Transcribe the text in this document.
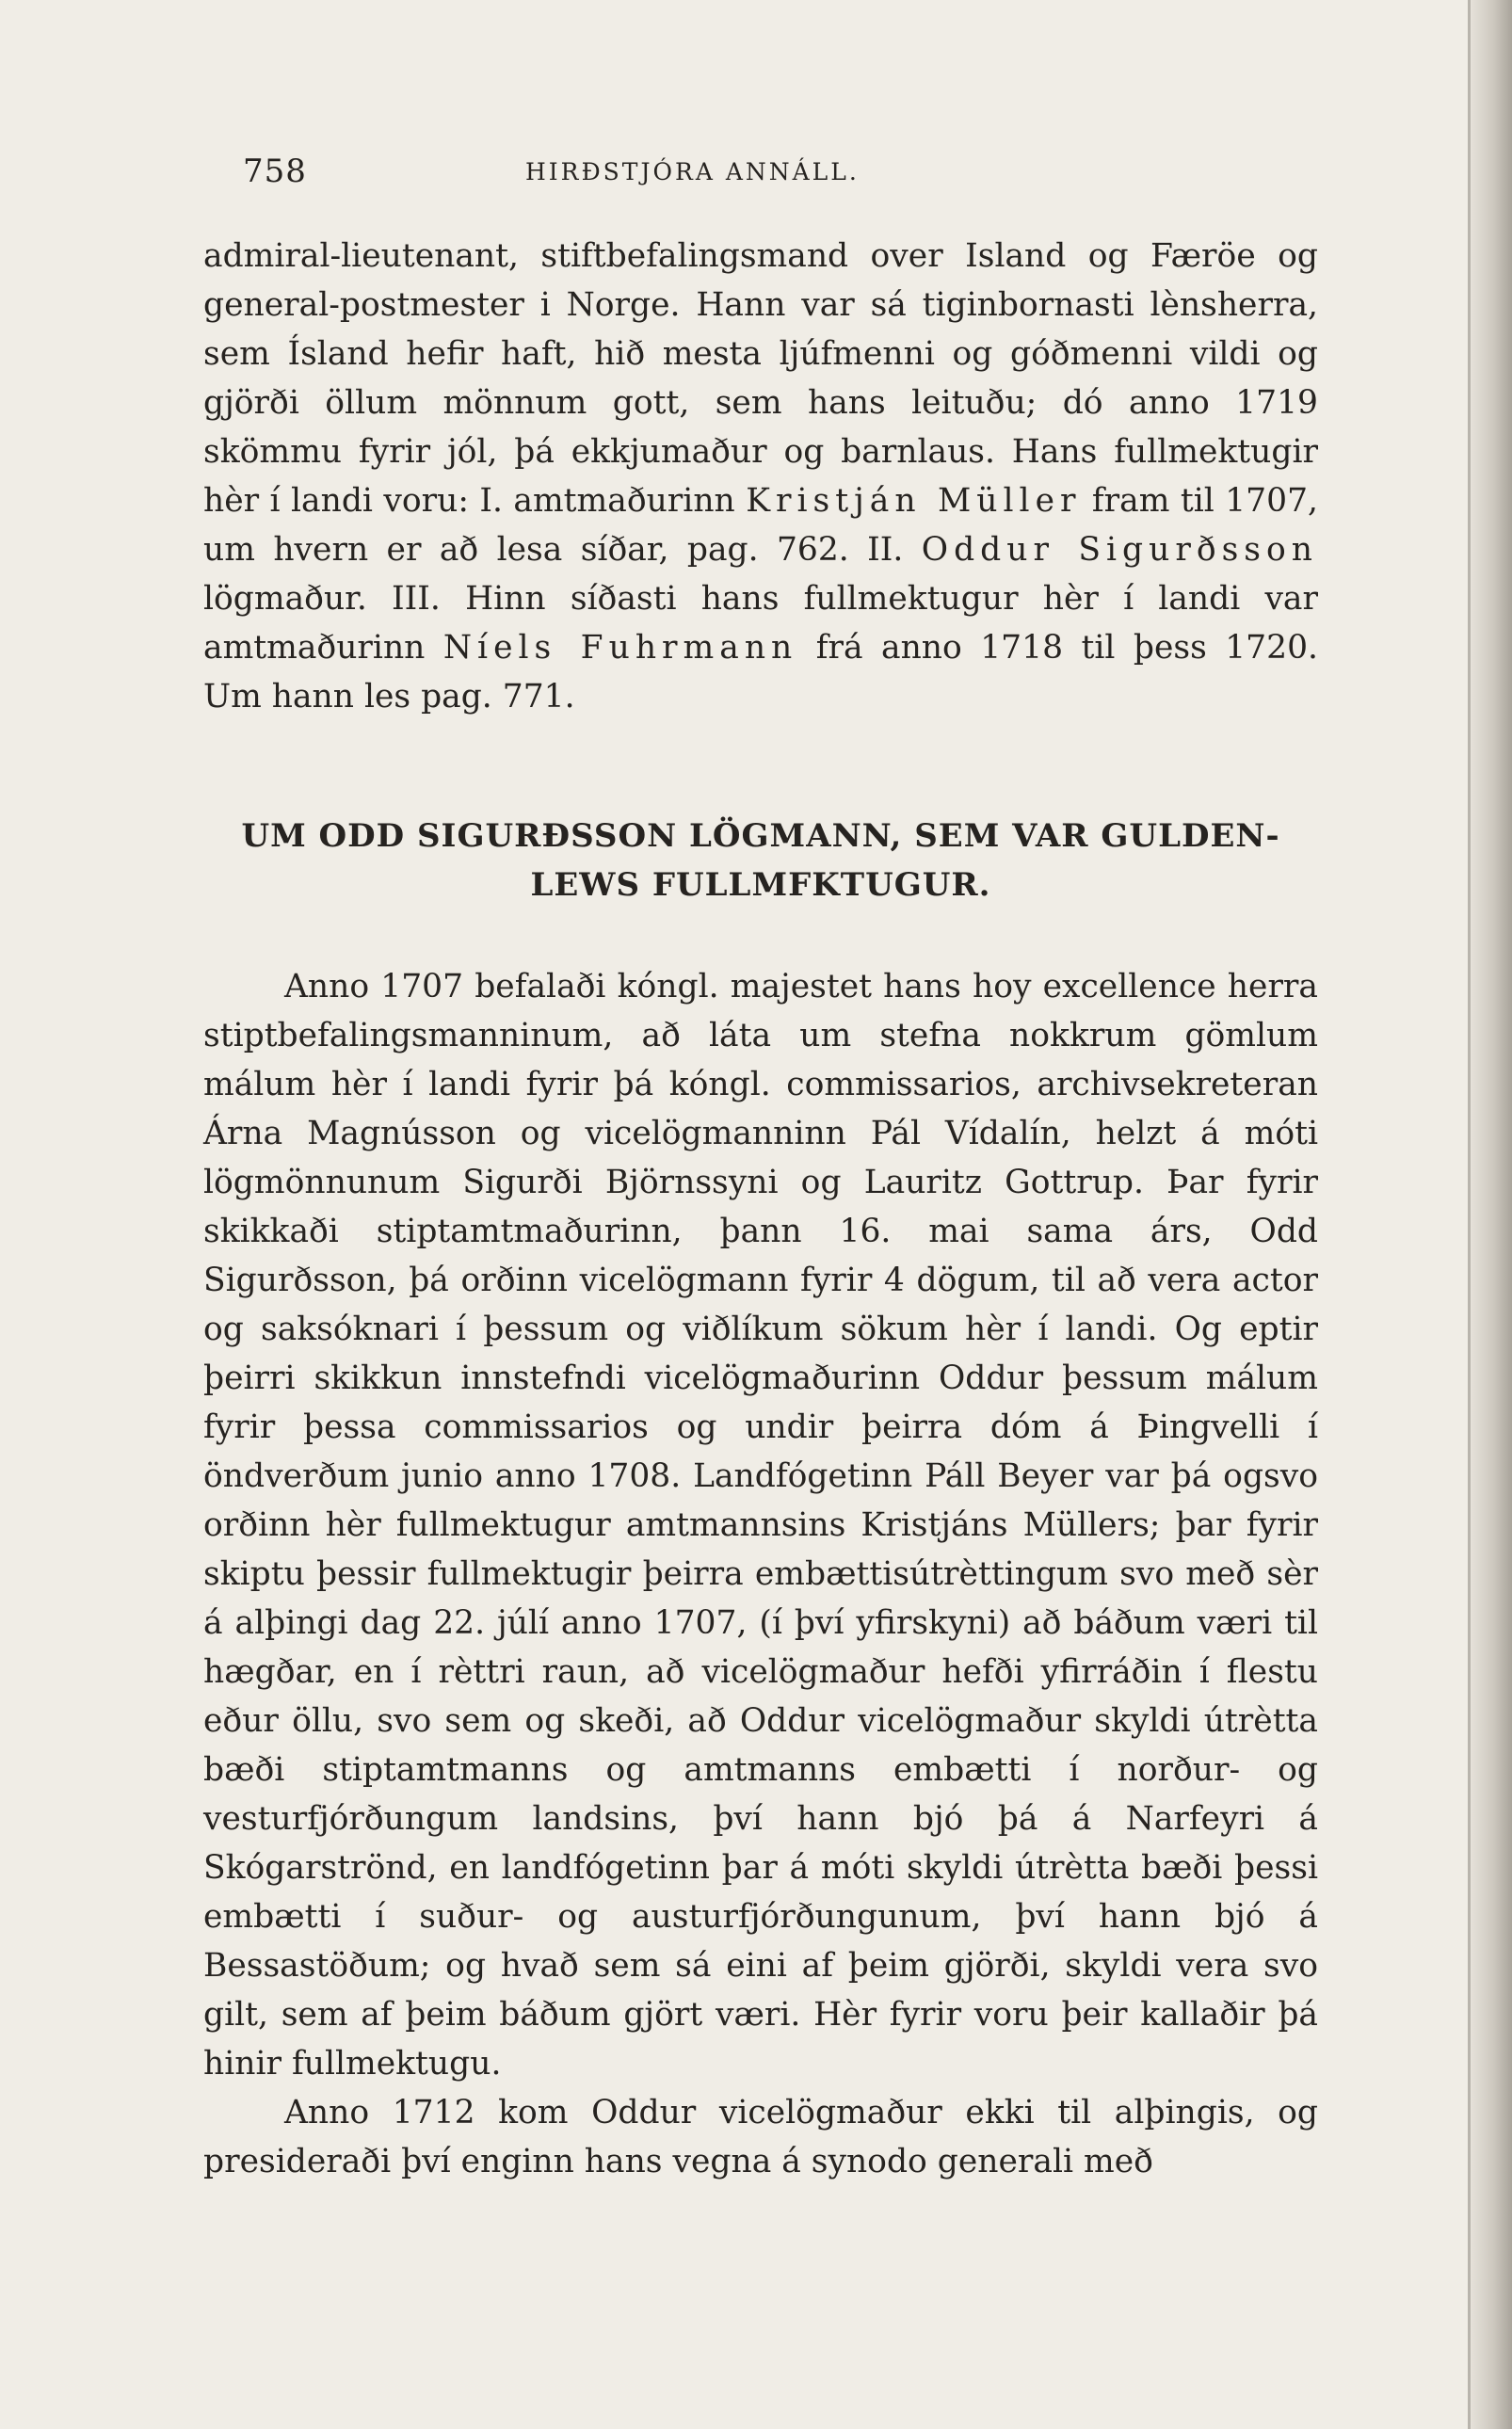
758	HIRÐSTJÓRA ANNÁLL.

admiral-lieutenant, stiftbefalingsmand over Island og Færöe og general-postmester i Norge. Hann var sá tiginbornasti lènsherra, sem Ísland hefir haft, hið mesta ljúfmenni og góðmenni vildi og gjörði öllum mönnum gott, sem hans leituðu; dó anno 1719 skömmu fyrir jól, þá ekkjumaður og barnlaus. Hans fullmektugir hèr í landi voru: I. amtmaðurinn Kristján Müller fram til 1707, um hvern er að lesa síðar, pag. 762. II. Oddur Sigurðsson lögmaður. III. Hinn síðasti hans fullmektugur hèr í landi var amtmaðurinn Níels Fuhrmann frá anno 1718 til þess 1720. Um hann les pag. 771.

UM ODD SIGURÐSSON LÖGMANN, SEM VAR GULDEN-
LEWS FULLMFKTUGUR.

Anno 1707 befalaði kóngl. majestet hans hoy excellence herra stiptbefalingsmanninum, að láta um stefna nokkrum gömlum málum hèr í landi fyrir þá kóngl. commissarios, archivsekreteran Árna Magnússon og vicelögmanninn Pál Vídalín, helzt á móti lögmönnunum Sigurði Björnssyni og Lauritz Gottrup. Þar fyrir skikkaði stiptamtmaðurinn, þann 16. mai sama árs, Odd Sigurðsson, þá orðinn vicelögmann fyrir 4 dögum, til að vera actor og saksóknari í þessum og viðlíkum sökum hèr í landi. Og eptir þeirri skikkun innstefndi vicelögmaðurinn Oddur þessum málum fyrir þessa commissarios og undir þeirra dóm á Þingvelli í öndverðum junio anno 1708. Landfógetinn Páll Beyer var þá ogsvo orðinn hèr fullmektugur amtmannsins Kristjáns Müllers; þar fyrir skiptu þessir fullmektugir þeirra embættisútrèttingum svo með sèr á alþingi dag 22. júlí anno 1707, (í því yfirskyni) að báðum væri til hægðar, en í rèttri raun, að vicelögmaður hefði yfirráðin í flestu eður öllu, svo sem og skeði, að Oddur vicelögmaður skyldi útrètta bæði stiptamtmanns og amtmanns embætti í norður- og vesturfjórðungum landsins, því hann bjó þá á Narfeyri á Skógarströnd, en landfógetinn þar á móti skyldi útrètta bæði þessi embætti í suður- og austurfjórðungunum, því hann bjó á Bessastöðum; og hvað sem sá eini af þeim gjörði, skyldi vera svo gilt, sem af þeim báðum gjört væri. Hèr fyrir voru þeir kallaðir þá hinir fullmektugu.

Anno 1712 kom Oddur vicelögmaður ekki til alþingis, og presideraði því enginn hans vegna á synodo generali með
